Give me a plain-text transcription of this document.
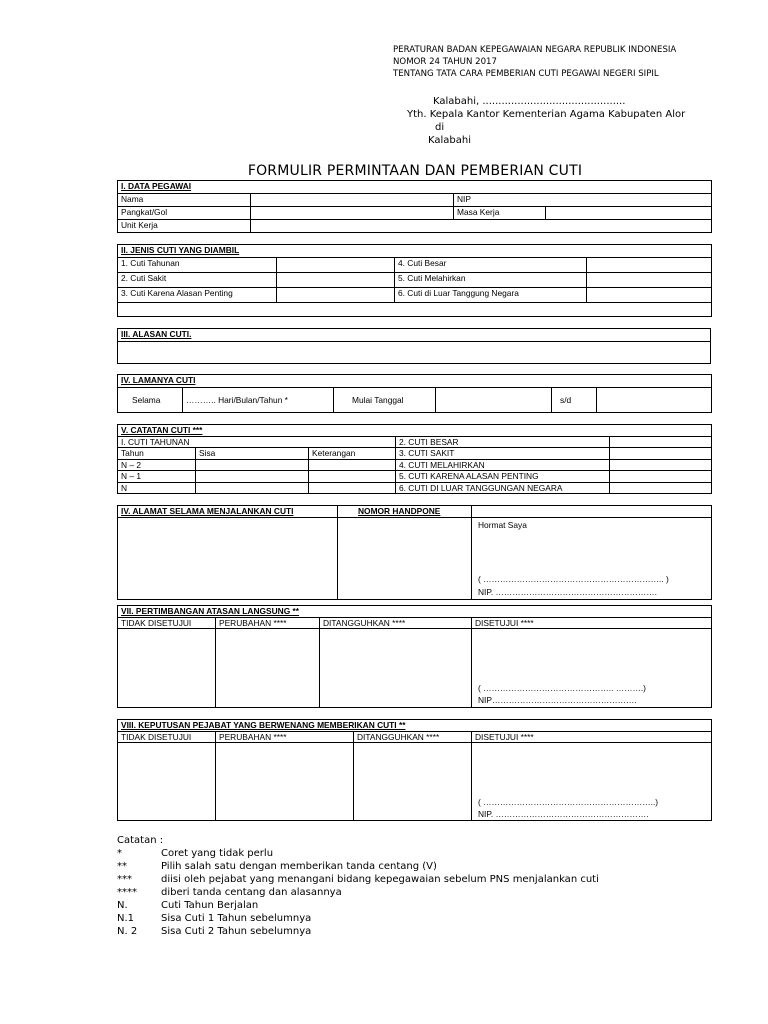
PERATURAN BADAN KEPEGAWAIAN NEGARA REPUBLIK INDONESIA
NOMOR 24 TAHUN 2017
TENTANG TATA CARA PEMBERIAN CUTI PEGAWAI NEGERI SIPIL
Kalabahi, .............................................
Yth. Kepala Kantor Kementerian Agama Kabupaten Alor
di
Kalabahi
FORMULIR PERMINTAAN DAN PEMBERIAN CUTI
I. DATA PEGAWAI			
Nama		NIP	
Pangkat/Gol		Masa Kerja	
Unit Kerja			
II. JENIS CUTI YANG DIAMBIL			
1. Cuti Tahunan		4. Cuti Besar	
2. Cuti Sakit		5. Cuti Melahirkan	
3. Cuti Karena Alasan Penting		6. Cuti di Luar Tanggung Negara	

III. ALASAN CUTI.

IV. LAMANYA CUTI
Selama	……….. Hari/Bulan/Tahun *	Mulai Tanggal		s/d	
V. CATATAN CUTI ***				
I. CUTI TAHUNAN			2. CUTI BESAR	
Tahun	Sisa	Keterangan	3. CUTI SAKIT	
N – 2			4. CUTI MELAHIRKAN	
N – 1			5. CUTI KARENA ALASAN PENTING	
N			6. CUTI DI LUAR TANGGUNGAN NEGARA	
IV. ALAMAT SELAMA MENJALANKAN CUTI	NOMOR HANDPONE	

		Hormat Saya
( ……………………………………………………….. )
NIP. ………………………………………………….
VII. PERTIMBANGAN ATASAN LANGSUNG **			
TIDAK DISETUJUI	PERUBAHAN ****	DITANGGUHKAN ****	DISETUJUI ****

			( ……………………………………….. ……….)
NIP…………………………………………….
VIII. KEPUTUSAN PEJABAT YANG BERWENANG MEMBERIKAN CUTI **			
TIDAK DISETUJUI	PERUBAHAN ****	DITANGGUHKAN ****	DISETUJUI ****

			( ……………………………………………………..)
NIP. ……………………………………………….
Catatan :
*	Coret yang tidak perlu
**	Pilih salah satu dengan memberikan tanda centang (V)
***	diisi oleh pejabat yang menangani bidang kepegawaian sebelum PNS menjalankan cuti
**** diberi tanda centang dan alasannya
N.	Cuti Tahun Berjalan
N.1	Sisa Cuti 1 Tahun sebelumnya
N. 2 Sisa Cuti 2 Tahun sebelumnya
